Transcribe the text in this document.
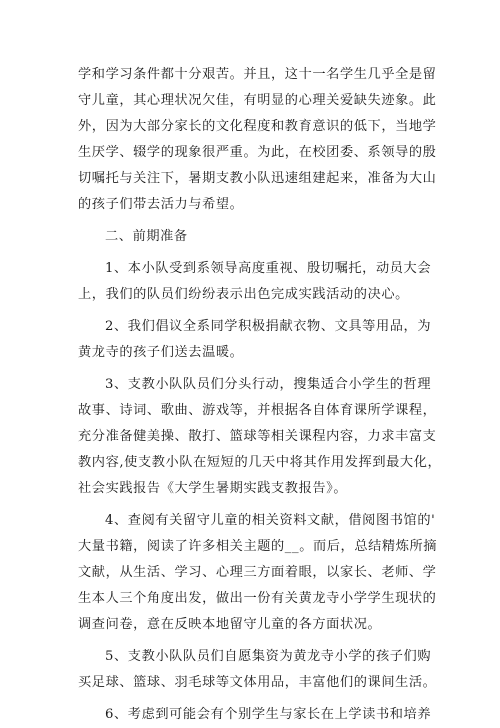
学和学习条件都十分艰苦。并且，这十一名学生几乎全是留
守儿童，其心理状况欠佳，有明显的心理关爱缺失迹象。此
外，因为大部分家长的文化程度和教育意识的低下，当地学
生厌学、辍学的现象很严重。为此，在校团委、系领导的殷
切嘱托与关注下，暑期支教小队迅速组建起来，准备为大山
的孩子们带去活力与希望。
二、前期准备
1、本小队受到系领导高度重视、殷切嘱托，动员大会
上，我们的队员们纷纷表示出色完成实践活动的决心。
2、我们倡议全系同学积极捐献衣物、文具等用品，为
黄龙寺的孩子们送去温暖。
3、支教小队队员们分头行动，搜集适合小学生的哲理
故事、诗词、歌曲、游戏等，并根据各自体育课所学课程，
充分准备健美操、散打、篮球等相关课程内容，力求丰富支
教内容,使支教小队在短短的几天中将其作用发挥到最大化，
社会实践报告《大学生暑期实践支教报告》。
4、查阅有关留守儿童的相关资料文献，借阅图书馆的'
大量书籍，阅读了许多相关主题的__。而后，总结精炼所摘
文献，从生活、学习、心理三方面着眼，以家长、老师、学
生本人三个角度出发，做出一份有关黄龙寺小学学生现状的
调查问卷，意在反映本地留守儿童的各方面状况。
5、支教小队队员们自愿集资为黄龙寺小学的孩子们购
买足球、篮球、羽毛球等文体用品，丰富他们的课间生活。
6、考虑到可能会有个别学生与家长在上学读书和培养
